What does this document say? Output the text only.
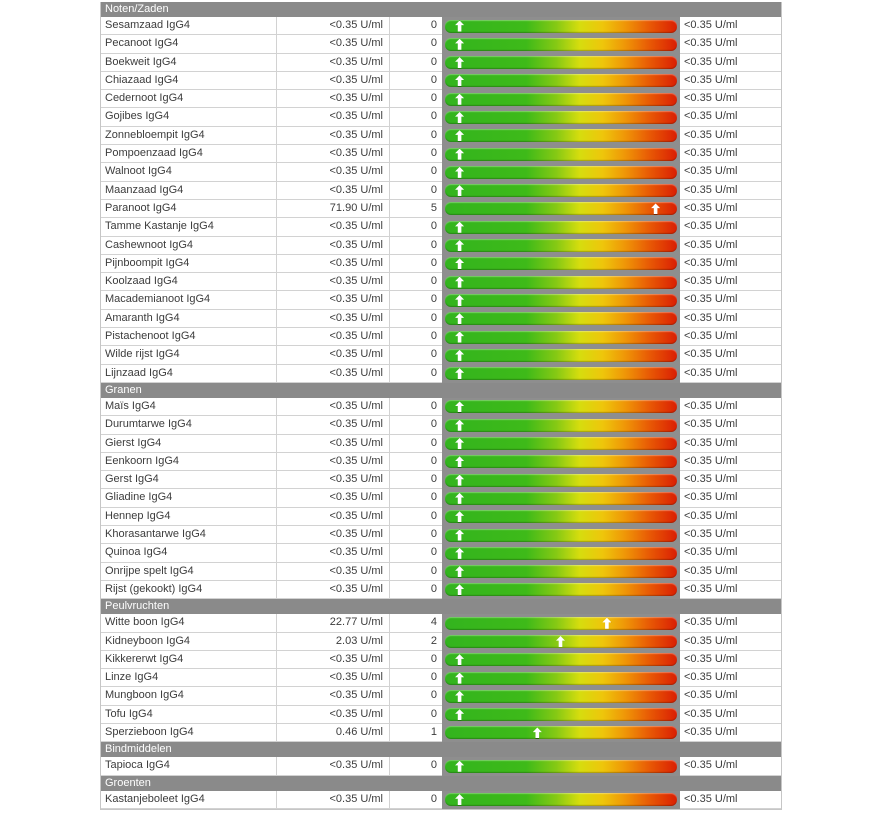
Noten/Zaden
Sesamzaad IgG4	<0.35 U/ml	0	<0.35 U/ml
Pecanoot IgG4	<0.35 U/ml	0	<0.35 U/ml
Boekweit IgG4	<0.35 U/ml	0	<0.35 U/ml
Chiazaad IgG4	<0.35 U/ml	0	<0.35 U/ml
Cedernoot IgG4	<0.35 U/ml	0	<0.35 U/ml
Gojibes IgG4	<0.35 U/ml	0	<0.35 U/ml
Zonnebloempit IgG4	<0.35 U/ml	0	<0.35 U/ml
Pompoenzaad IgG4	<0.35 U/ml	0	<0.35 U/ml
Walnoot IgG4	<0.35 U/ml	0	<0.35 U/ml
Maanzaad IgG4	<0.35 U/ml	0	<0.35 U/ml
Paranoot IgG4	71.90 U/ml	5	<0.35 U/ml
Tamme Kastanje IgG4	<0.35 U/ml	0	<0.35 U/ml
Cashewnoot IgG4	<0.35 U/ml	0	<0.35 U/ml
Pijnboompit IgG4	<0.35 U/ml	0	<0.35 U/ml
Koolzaad IgG4	<0.35 U/ml	0	<0.35 U/ml
Macademianoot IgG4	<0.35 U/ml	0	<0.35 U/ml
Amaranth IgG4	<0.35 U/ml	0	<0.35 U/ml
Pistachenoot IgG4	<0.35 U/ml	0	<0.35 U/ml
Wilde rijst IgG4	<0.35 U/ml	0	<0.35 U/ml
Lijnzaad IgG4	<0.35 U/ml	0	<0.35 U/ml
Granen
Maïs IgG4	<0.35 U/ml	0	<0.35 U/ml
Durumtarwe IgG4	<0.35 U/ml	0	<0.35 U/ml
Gierst IgG4	<0.35 U/ml	0	<0.35 U/ml
Eenkoorn IgG4	<0.35 U/ml	0	<0.35 U/ml
Gerst IgG4	<0.35 U/ml	0	<0.35 U/ml
Gliadine IgG4	<0.35 U/ml	0	<0.35 U/ml
Hennep IgG4	<0.35 U/ml	0	<0.35 U/ml
Khorasantarwe IgG4	<0.35 U/ml	0	<0.35 U/ml
Quinoa IgG4	<0.35 U/ml	0	<0.35 U/ml
Onrijpe spelt IgG4	<0.35 U/ml	0	<0.35 U/ml
Rijst (gekookt) IgG4	<0.35 U/ml	0	<0.35 U/ml
Peulvruchten
Witte boon IgG4	22.77 U/ml	4	<0.35 U/ml
Kidneyboon IgG4	2.03 U/ml	2	<0.35 U/ml
Kikkererwt IgG4	<0.35 U/ml	0	<0.35 U/ml
Linze IgG4	<0.35 U/ml	0	<0.35 U/ml
Mungboon IgG4	<0.35 U/ml	0	<0.35 U/ml
Tofu IgG4	<0.35 U/ml	0	<0.35 U/ml
Sperzieboon IgG4	0.46 U/ml	1	<0.35 U/ml
Bindmiddelen
Tapioca IgG4	<0.35 U/ml	0	<0.35 U/ml
Groenten
Kastanjeboleet IgG4	<0.35 U/ml	0	<0.35 U/ml
